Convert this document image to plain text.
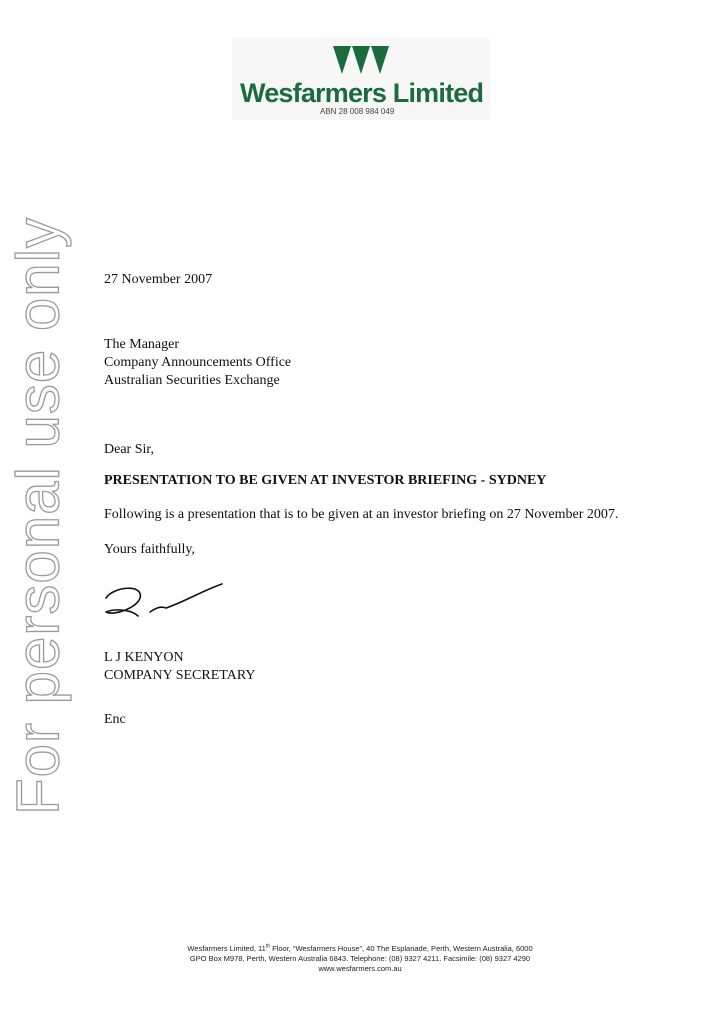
Wesfarmers Limited
ABN 28 008 984 049
For personal use only 27 November 2007
The Manager
Company Announcements Office
Australian Securities Exchange
Dear Sir,
PRESENTATION TO BE GIVEN AT INVESTOR BRIEFING - SYDNEY
Following is a presentation that is to be given at an investor briefing on 27 November 2007.
Yours faithfully,
L J KENYON
COMPANY SECRETARY
Enc
Wesfarmers Limited, 11th Floor, “Wesfarmers House”, 40 The Esplanade, Perth, Western Australia, 6000
GPO Box M978, Perth, Western Australia 6843. Telephone: (08) 9327 4211. Facsimile: (08) 9327 4290
www.wesfarmers.com.au
